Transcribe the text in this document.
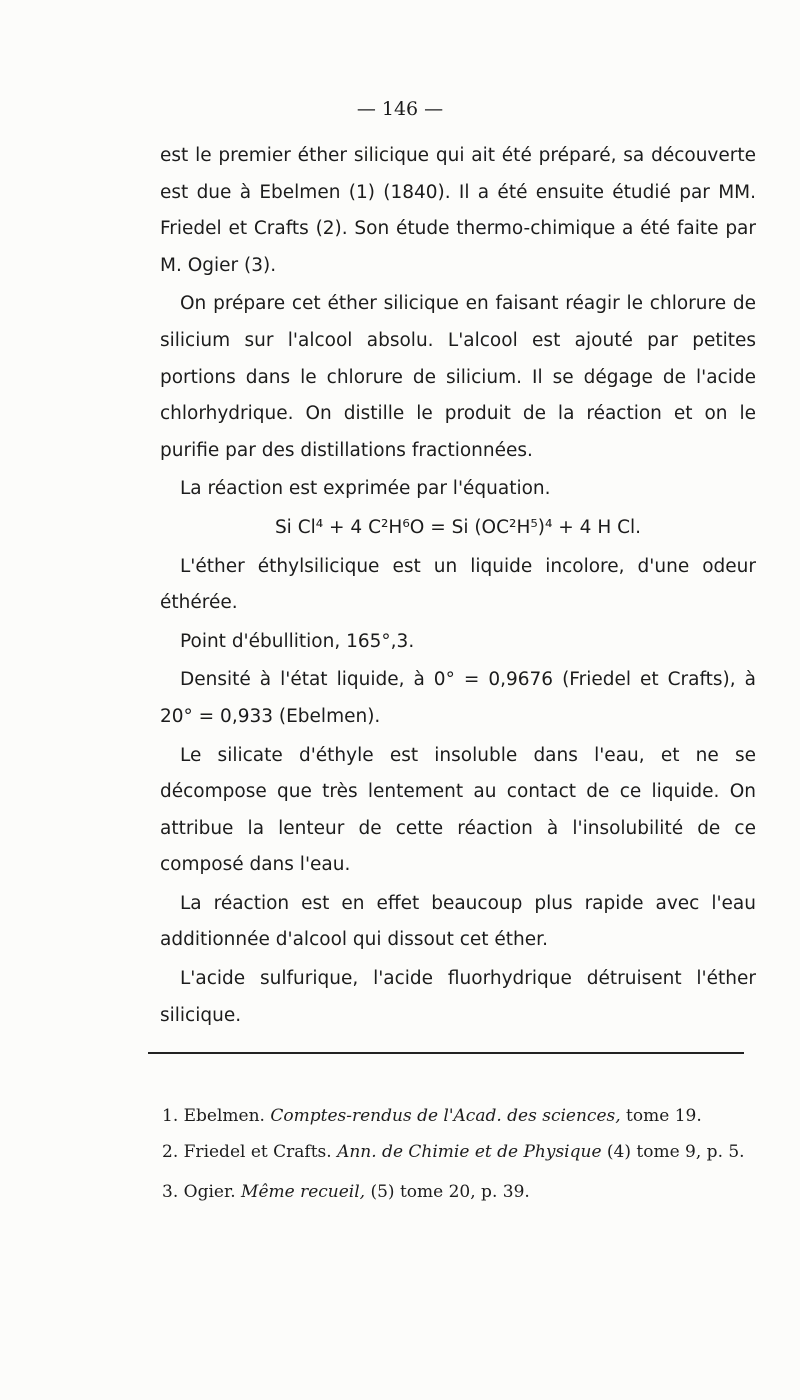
— 146 —

est le premier éther silicique qui ait été préparé, sa découverte est due à Ebelmen (1) (1840). Il a été ensuite étudié par MM. Friedel et Crafts (2). Son étude thermo-chimique a été faite par M. Ogier (3).

On prépare cet éther silicique en faisant réagir le chlorure de silicium sur l'alcool absolu. L'alcool est ajouté par petites portions dans le chlorure de silicium. Il se dégage de l'acide chlorhydrique. On distille le produit de la réaction et on le purifie par des distillations fractionnées.

La réaction est exprimée par l'équation.

Si Cl⁴ + 4 C²H⁶O = Si (OC²H⁵)⁴ + 4 H Cl.

L'éther éthylsilicique est un liquide incolore, d'une odeur éthérée.

Point d'ébullition, 165°,3.

Densité à l'état liquide, à 0° = 0,9676 (Friedel et Crafts), à 20° = 0,933 (Ebelmen).

Le silicate d'éthyle est insoluble dans l'eau, et ne se décompose que très lentement au contact de ce liquide. On attribue la lenteur de cette réaction à l'insolubilité de ce composé dans l'eau.

La réaction est en effet beaucoup plus rapide avec l'eau additionnée d'alcool qui dissout cet éther.

L'acide sulfurique, l'acide fluorhydrique détruisent l'éther silicique.

1. Ebelmen. Comptes-rendus de l'Acad. des sciences, tome 19.

2. Friedel et Crafts. Ann. de Chimie et de Physique (4) tome 9, p. 5.

3. Ogier. Même recueil, (5) tome 20, p. 39.
